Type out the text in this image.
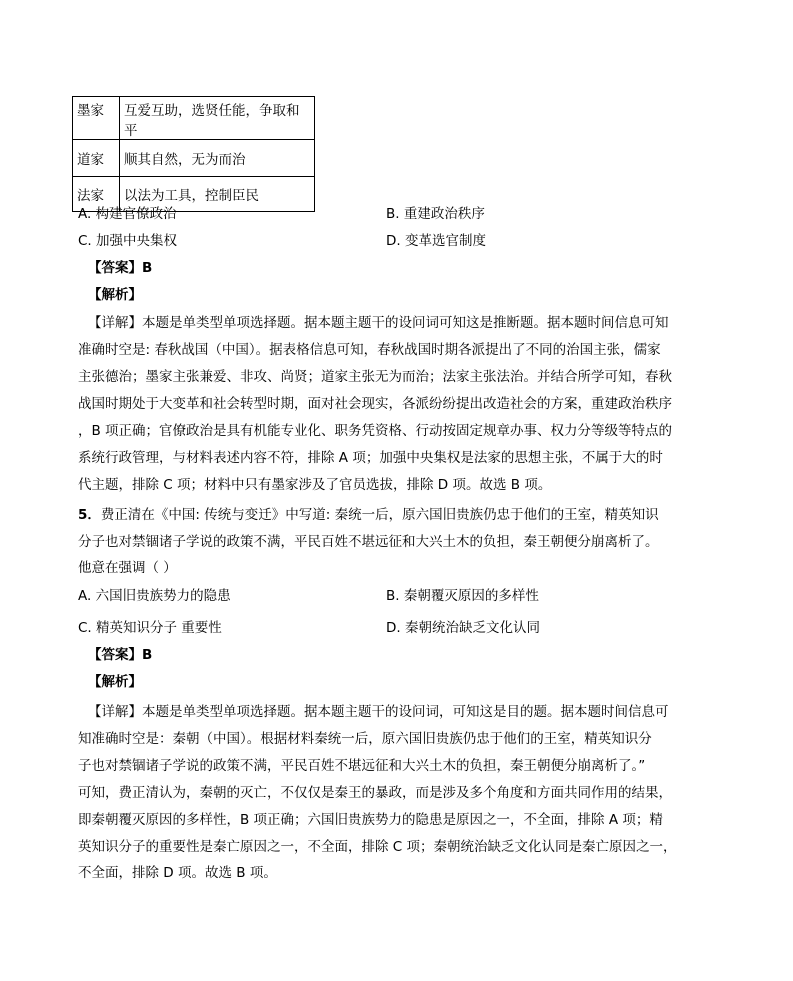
墨家	互爱互助，选贤任能，争取和平
道家	顺其自然，无为而治
法家	以法为工具，控制臣民
A. 构建官僚政治	B. 重建政治秩序
C. 加强中央集权	D. 变革选官制度
【答案】B
【解析】
【详解】本题是单类型单项选择题。据本题主题干的设问词可知这是推断题。据本题时间信息可知
准确时空是: 春秋战国（中国）。据表格信息可知，春秋战国时期各派提出了不同的治国主张，儒家
主张德治；墨家主张兼爱、非攻、尚贤；道家主张无为而治；法家主张法治。并结合所学可知，春秋
战国时期处于大变革和社会转型时期，面对社会现实，各派纷纷提出改造社会的方案，重建政治秩序
，B 项正确；官僚政治是具有机能专业化、职务凭资格、行动按固定规章办事、权力分等级等特点的
系统行政管理，与材料表述内容不符，排除 A 项；加强中央集权是法家的思想主张，不属于大的时
代主题，排除 C 项；材料中只有墨家涉及了官员选拔，排除 D 项。故选 B 项。
5．费正清在《中国: 传统与变迁》中写道: 秦统一后，原六国旧贵族仍忠于他们的王室，精英知识
分子也对禁锢诸子学说的政策不满，平民百姓不堪远征和大兴土木的负担，秦王朝便分崩离析了。
他意在强调（ ）
A. 六国旧贵族势力的隐患	B. 秦朝覆灭原因的多样性
C. 精英知识分子 重要性	D. 秦朝统治缺乏文化认同
【答案】B
【解析】
【详解】本题是单类型单项选择题。据本题主题干的设问词，可知这是目的题。据本题时间信息可
知准确时空是：秦朝（中国）。根据材料秦统一后，原六国旧贵族仍忠于他们的王室，精英知识分
子也对禁锢诸子学说的政策不满，平民百姓不堪远征和大兴土木的负担，秦王朝便分崩离析了。”
可知，费正清认为，秦朝的灭亡，不仅仅是秦王的暴政，而是涉及多个角度和方面共同作用的结果，
即秦朝覆灭原因的多样性，B 项正确；六国旧贵族势力的隐患是原因之一，不全面，排除 A 项；精
英知识分子的重要性是秦亡原因之一，不全面，排除 C 项；秦朝统治缺乏文化认同是秦亡原因之一，
不全面，排除 D 项。故选 B 项。
